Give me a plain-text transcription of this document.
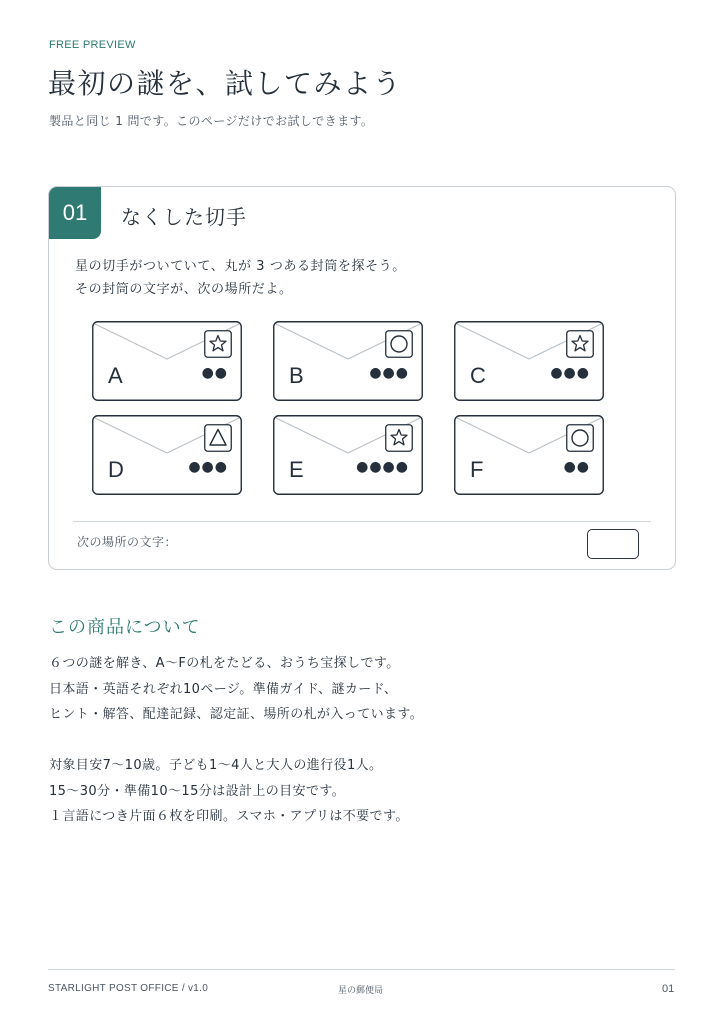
FREE PREVIEW
最初の謎を、試してみよう
製品と同じ 1 問です。このページだけでお試しできます。
01	なくした切手
星の切手がついていて、丸が 3 つある封筒を探そう。
その封筒の文字が、次の場所だよ。
A	●●	B	●●●	C	●●●
D	●●●	E	●●●●	F	●●
次の場所の文字：
この商品について

６つの謎を解き、A〜Fの札をたどる、おうち宝探しです。

日本語・英語それぞれ10ページ。準備ガイド、謎カード、

ヒント・解答、配達記録、認定証、場所の札が入っています。

対象目安7〜10歳。子ども1〜4人と大人の進行役1人。

15〜30分・準備10〜15分は設計上の目安です。

１言語につき片面６枚を印刷。スマホ・アプリは不要です。

STARLIGHT POST OFFICE / v1.0	星の郵便局	01
